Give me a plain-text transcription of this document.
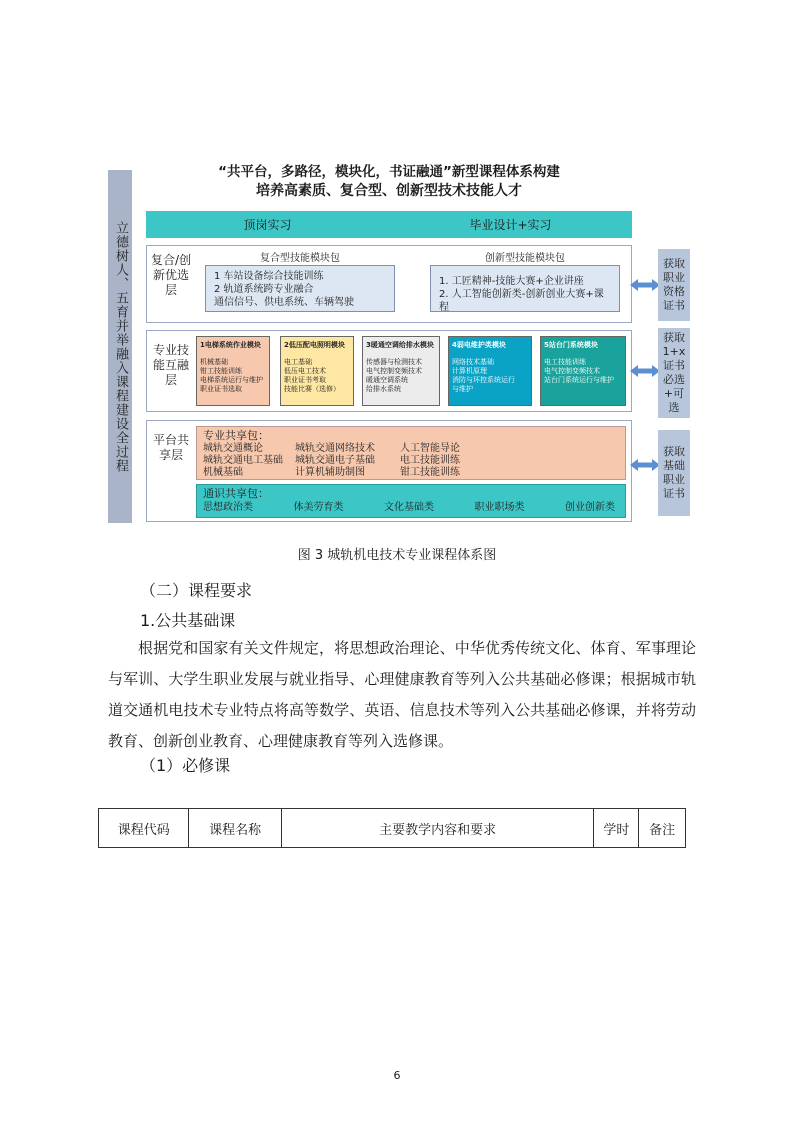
立德树人、五育并举融入课程建设全过程
“共平台，多路径，模块化，书证融通”新型课程体系构建
培养高素质、复合型、创新型技术技能人才
顶岗实习	毕业设计+实习
复合/创新优选层
复合型技能模块包
1 车站设备综合技能训练
2 轨道系统跨专业融合
通信信号、供电系统、车辆驾驶
创新型技能模块包
1. 工匠精神-技能大赛+企业讲座
2. 人工智能创新类-创新创业大赛+课程
专业技能互融层
1电梯系统作业模块
机械基础
钳工技能训练
电梯系统运行与维护
职业证书选取
2低压配电照明模块
电工基础
低压电工技术
职业证书考取
技能比赛（选修）
3暖通空调给排水模块
传感器与检测技术
电气控制变频技术
暖通空调系统
给排水系统
4弱电维护类模块
网络技术基础
计算机原理
消防与环控系统运行
与维护
5站台门系统模块
电工技能训练
电气控制变频技术
站台门系统运行与维护
平台共享层
专业共享包：
城轨交通概论	城轨交通网络技术	人工智能导论
城轨交通电工基础	城轨交通电子基础	电工技能训练
机械基础	计算机辅助制图	钳工技能训练
通识共享包：
思想政治类	体美劳育类	文化基础类	职业职场类	创业创新类
获取职业资格证书
获取1+x证书必选+可选
获取基础职业证书
图 3 城轨机电技术专业课程体系图
（二）课程要求
1.公共基础课
根据党和国家有关文件规定，将思想政治理论、中华优秀传统文化、体育、军事理论与军训、大学生职业发展与就业指导、心理健康教育等列入公共基础必修课；根据城市轨道交通机电技术专业特点将高等数学、英语、信息技术等列入公共基础必修课，并将劳动教育、创新创业教育、心理健康教育等列入选修课。
（1）必修课
课程代码	课程名称	主要教学内容和要求	学时	备注
6
